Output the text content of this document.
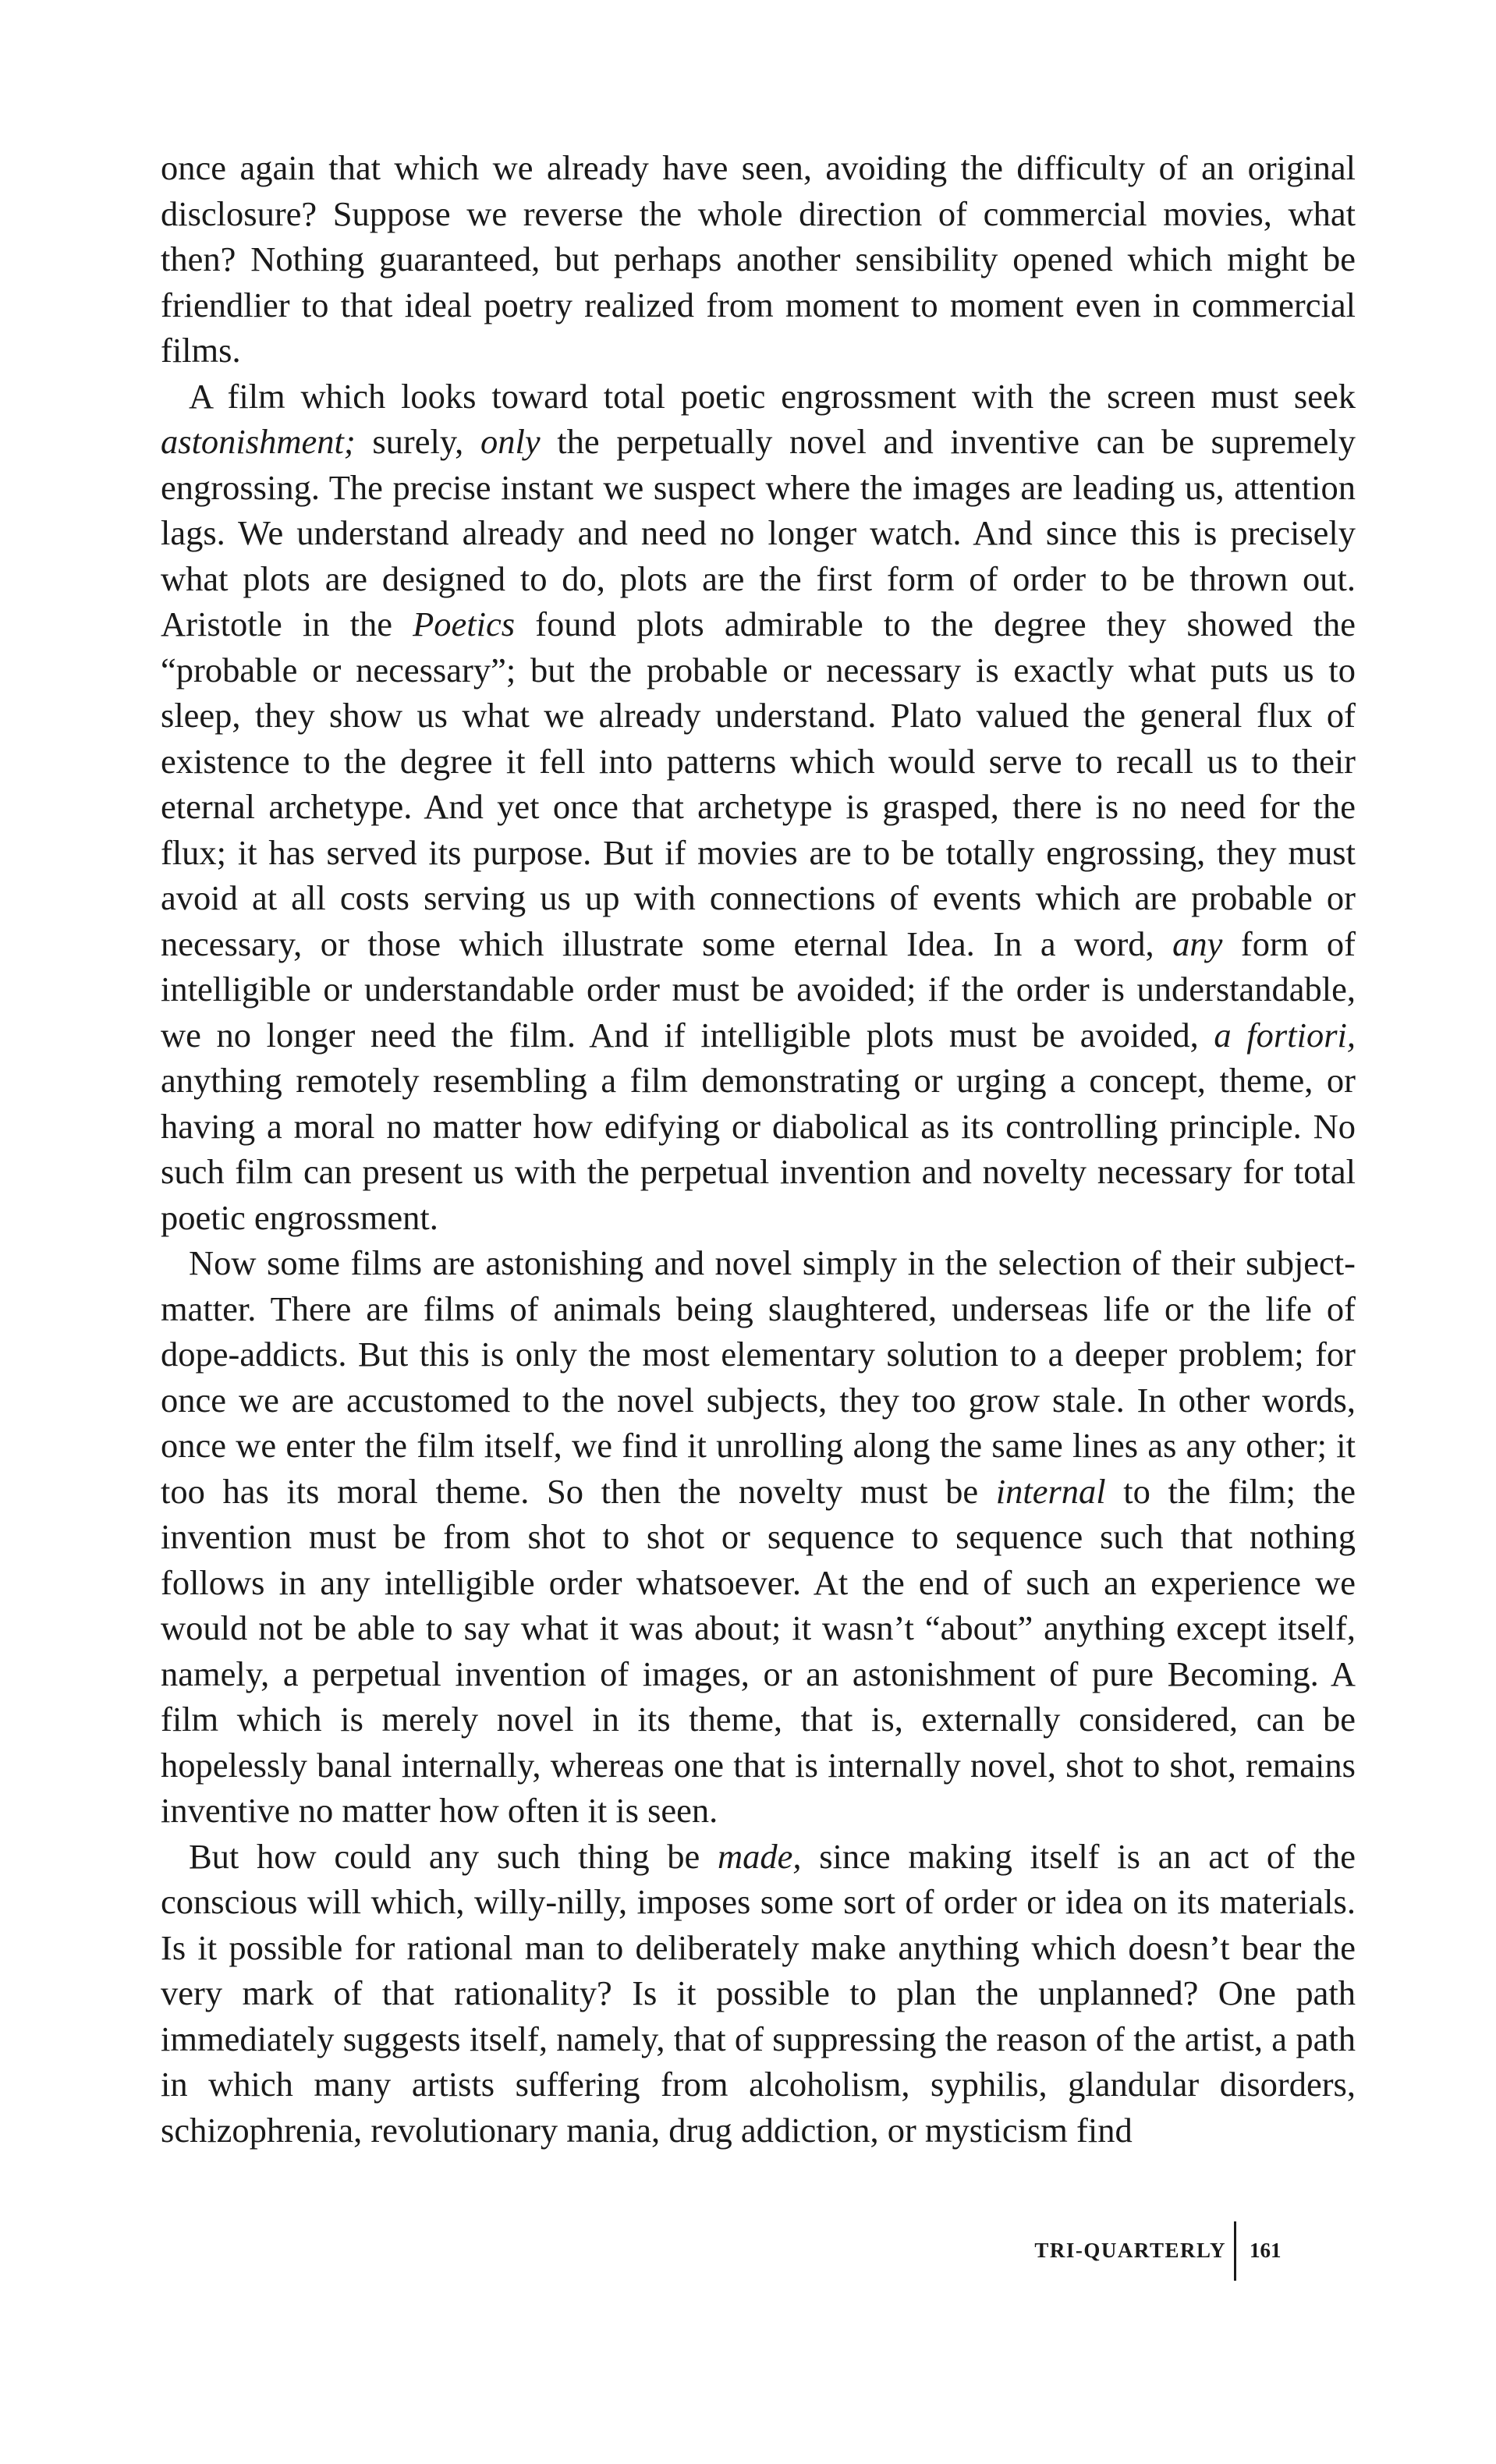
once again that which we already have seen, avoiding the difficulty of an original disclosure? Suppose we reverse the whole direction of commercial movies, what then? Nothing guaranteed, but perhaps another sensibility opened which might be friendlier to that ideal poetry realized from moment to moment even in commercial films.

A film which looks toward total poetic engrossment with the screen must seek astonishment; surely, only the perpetually novel and inventive can be supremely engrossing. The precise instant we suspect where the images are leading us, attention lags. We understand already and need no longer watch. And since this is precisely what plots are designed to do, plots are the first form of order to be thrown out. Aristotle in the Poetics found plots admirable to the degree they showed the “probable or necessary”; but the probable or necessary is exactly what puts us to sleep, they show us what we already understand. Plato valued the general flux of existence to the degree it fell into patterns which would serve to recall us to their eternal archetype. And yet once that archetype is grasped, there is no need for the flux; it has served its purpose. But if movies are to be totally engrossing, they must avoid at all costs serving us up with connections of events which are probable or necessary, or those which illustrate some eternal Idea. In a word, any form of intelligible or understandable order must be avoided; if the order is understandable, we no longer need the film. And if intelligible plots must be avoided, a fortiori, anything remotely resembling a film demonstrating or urging a concept, theme, or having a moral no matter how edifying or diabolical as its controlling principle. No such film can present us with the perpetual invention and novelty necessary for total poetic engrossment.

Now some films are astonishing and novel simply in the selection of their subject-matter. There are films of animals being slaughtered, underseas life or the life of dope-addicts. But this is only the most elementary solution to a deeper problem; for once we are accustomed to the novel subjects, they too grow stale. In other words, once we enter the film itself, we find it unrolling along the same lines as any other; it too has its moral theme. So then the novelty must be internal to the film; the invention must be from shot to shot or sequence to sequence such that nothing follows in any intelligible order whatsoever. At the end of such an experience we would not be able to say what it was about; it wasn’t “about” anything except itself, namely, a perpetual invention of images, or an astonishment of pure Becoming. A film which is merely novel in its theme, that is, externally considered, can be hopelessly banal internally, whereas one that is internally novel, shot to shot, remains inventive no matter how often it is seen.

But how could any such thing be made, since making itself is an act of the conscious will which, willy-nilly, imposes some sort of order or idea on its materials. Is it possible for rational man to deliberately make anything which doesn’t bear the very mark of that rationality? Is it possible to plan the unplanned? One path immediately suggests itself, namely, that of suppressing the reason of the artist, a path in which many artists suffering from alcoholism, syphilis, glandular disorders, schizophrenia, revolutionary mania, drug addiction, or mysticism find

TRI-QUARTERLY 161
